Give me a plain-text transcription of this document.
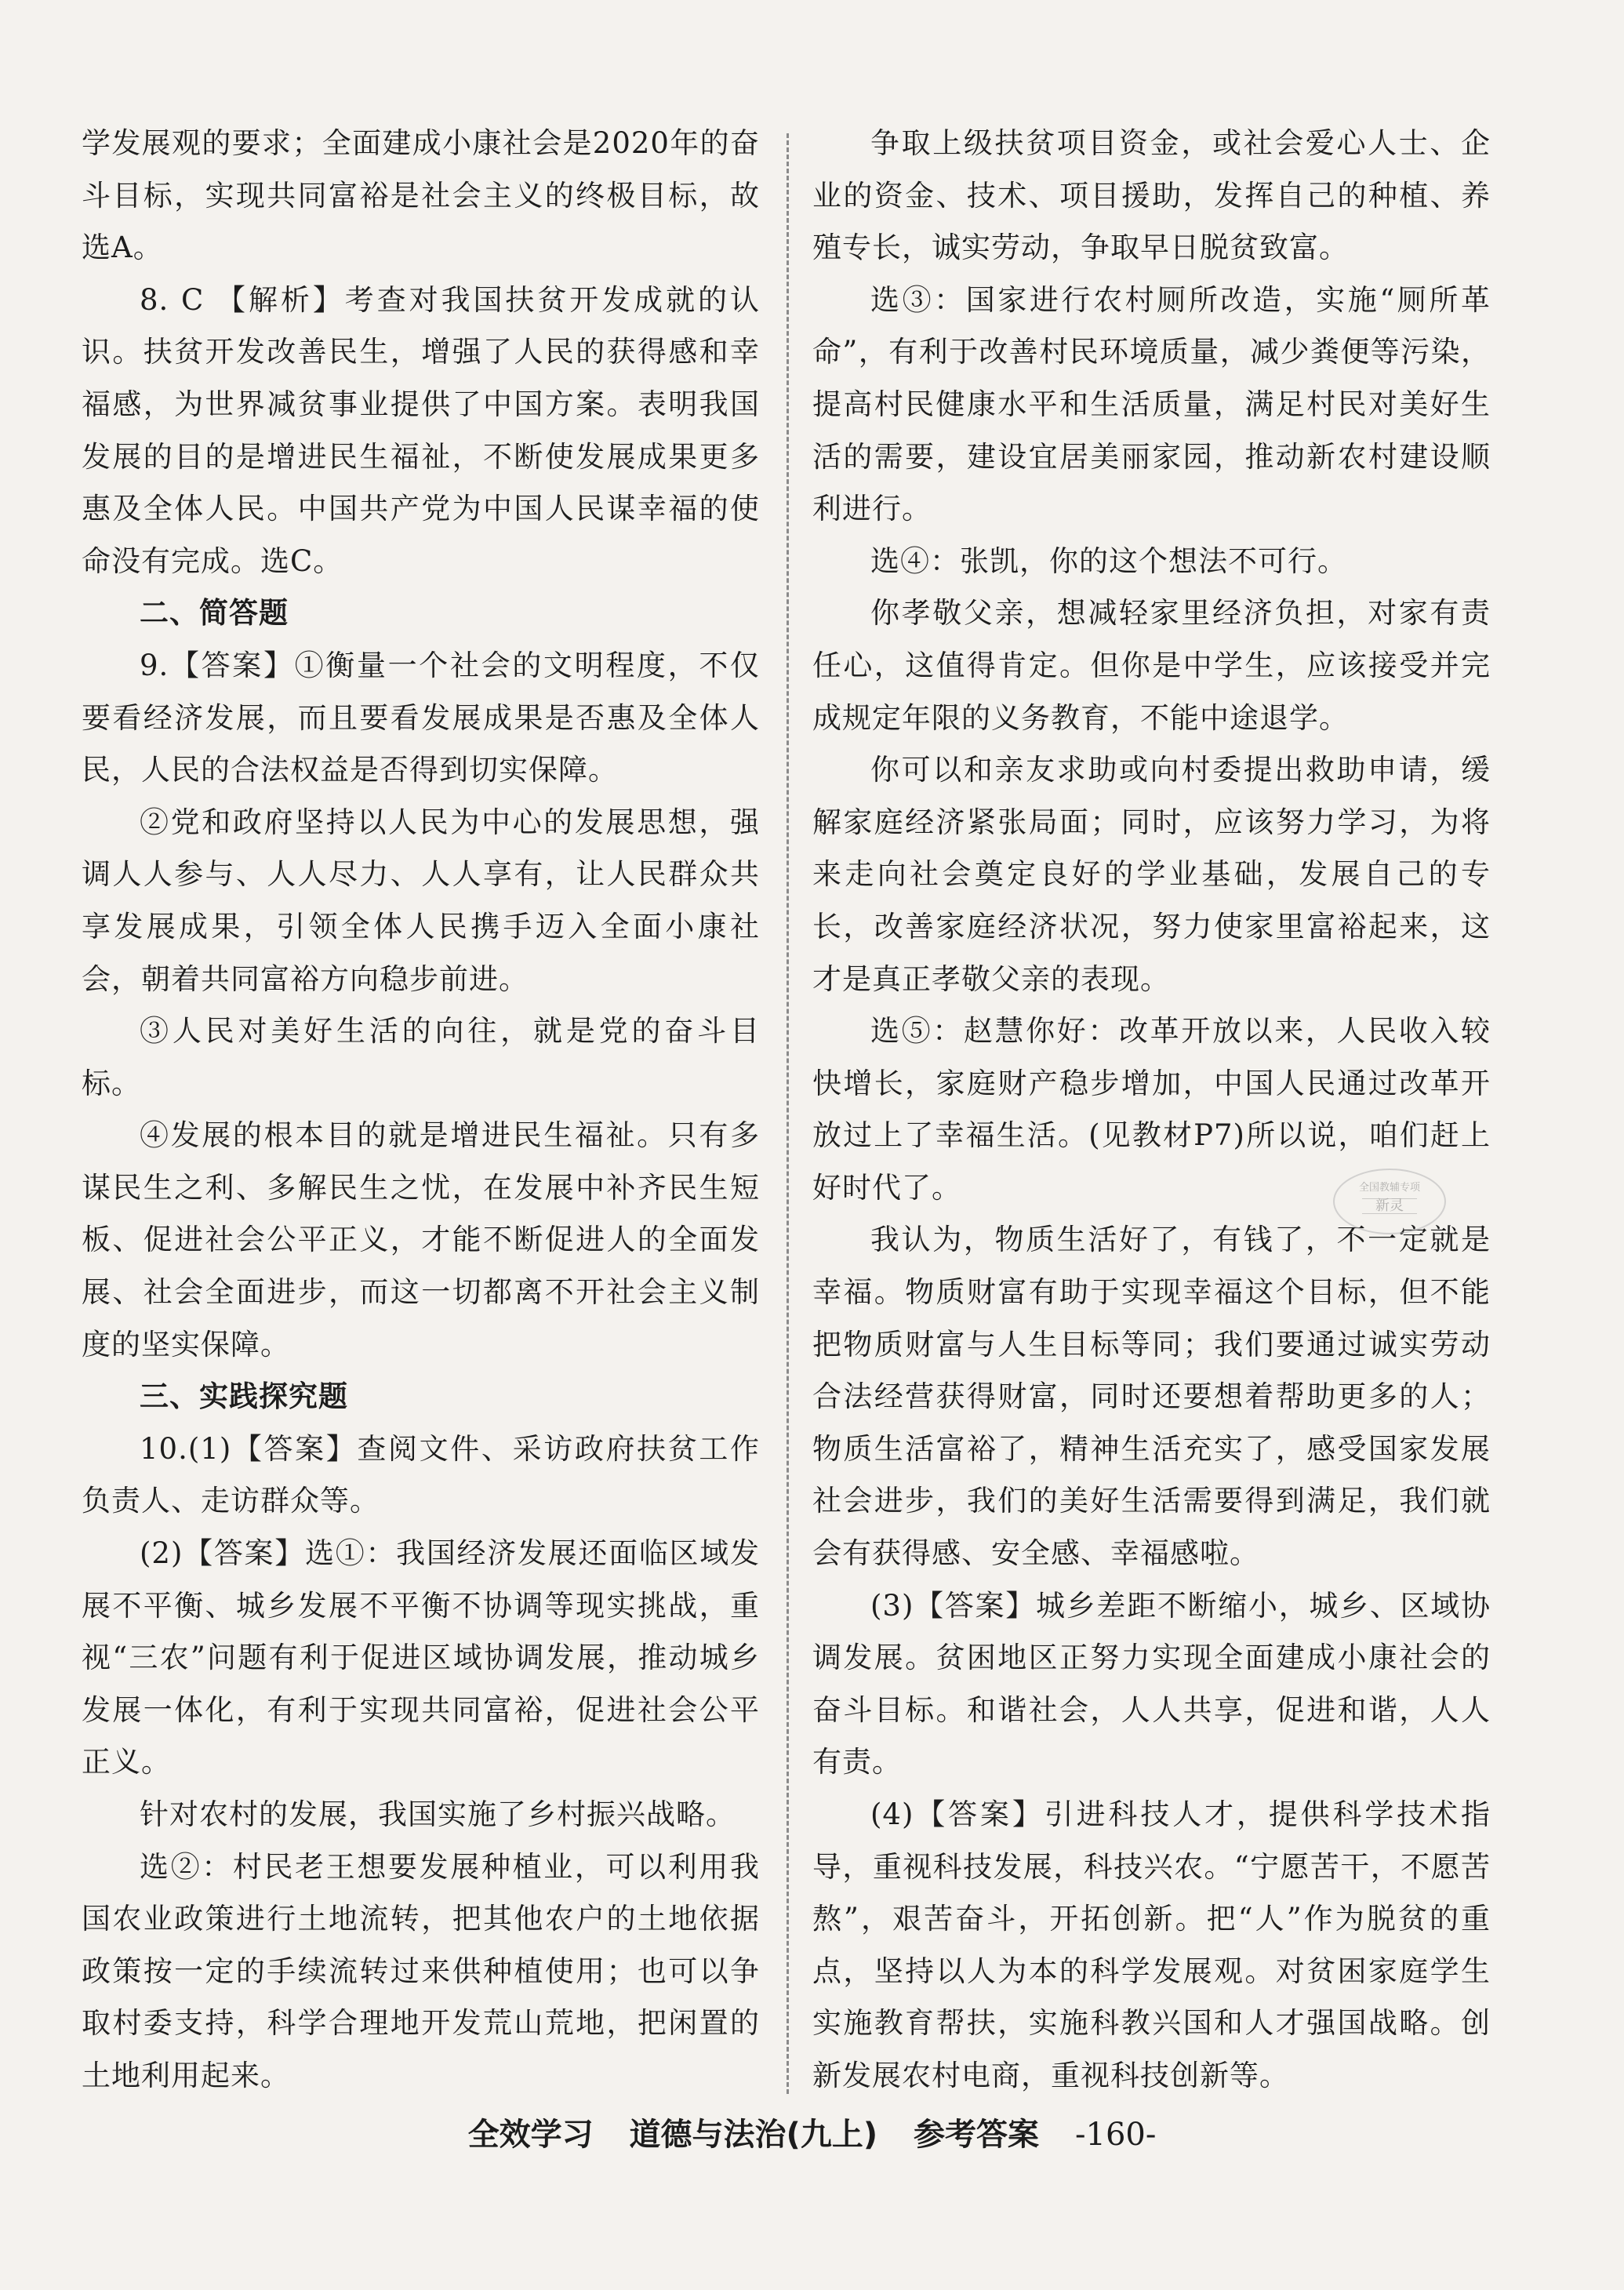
学发展观的要求；全面建成小康社会是2020年的奋斗目标，实现共同富裕是社会主义的终极目标，故选A。

8. C 【解析】考查对我国扶贫开发成就的认识。扶贫开发改善民生，增强了人民的获得感和幸福感，为世界减贫事业提供了中国方案。表明我国发展的目的是增进民生福祉，不断使发展成果更多惠及全体人民。中国共产党为中国人民谋幸福的使命没有完成。选C。

二、简答题

9.【答案】①衡量一个社会的文明程度，不仅要看经济发展，而且要看发展成果是否惠及全体人民，人民的合法权益是否得到切实保障。

②党和政府坚持以人民为中心的发展思想，强调人人参与、人人尽力、人人享有，让人民群众共享发展成果，引领全体人民携手迈入全面小康社会，朝着共同富裕方向稳步前进。

③人民对美好生活的向往，就是党的奋斗目标。

④发展的根本目的就是增进民生福祉。只有多谋民生之利、多解民生之忧，在发展中补齐民生短板、促进社会公平正义，才能不断促进人的全面发展、社会全面进步，而这一切都离不开社会主义制度的坚实保障。

三、实践探究题

10.(1)【答案】查阅文件、采访政府扶贫工作负责人、走访群众等。

(2)【答案】选①：我国经济发展还面临区域发展不平衡、城乡发展不平衡不协调等现实挑战，重视“三农”问题有利于促进区域协调发展，推动城乡发展一体化，有利于实现共同富裕，促进社会公平正义。

针对农村的发展，我国实施了乡村振兴战略。

选②：村民老王想要发展种植业，可以利用我国农业政策进行土地流转，把其他农户的土地依据政策按一定的手续流转过来供种植使用；也可以争取村委支持，科学合理地开发荒山荒地，把闲置的土地利用起来。

争取上级扶贫项目资金，或社会爱心人士、企业的资金、技术、项目援助，发挥自己的种植、养殖专长，诚实劳动，争取早日脱贫致富。

选③：国家进行农村厕所改造，实施“厕所革命”，有利于改善村民环境质量，减少粪便等污染，提高村民健康水平和生活质量，满足村民对美好生活的需要，建设宜居美丽家园，推动新农村建设顺利进行。

选④：张凯，你的这个想法不可行。

你孝敬父亲，想减轻家里经济负担，对家有责任心，这值得肯定。但你是中学生，应该接受并完成规定年限的义务教育，不能中途退学。

你可以和亲友求助或向村委提出救助申请，缓解家庭经济紧张局面；同时，应该努力学习，为将来走向社会奠定良好的学业基础，发展自己的专长，改善家庭经济状况，努力使家里富裕起来，这才是真正孝敬父亲的表现。

选⑤：赵慧你好：改革开放以来，人民收入较快增长，家庭财产稳步增加，中国人民通过改革开放过上了幸福生活。(见教材P7)所以说，咱们赶上好时代了。

我认为，物质生活好了，有钱了，不一定就是幸福。物质财富有助于实现幸福这个目标，但不能把物质财富与人生目标等同；我们要通过诚实劳动合法经营获得财富，同时还要想着帮助更多的人；物质生活富裕了，精神生活充实了，感受国家发展社会进步，我们的美好生活需要得到满足，我们就会有获得感、安全感、幸福感啦。

(3)【答案】城乡差距不断缩小，城乡、区域协调发展。贫困地区正努力实现全面建成小康社会的奋斗目标。和谐社会，人人共享，促进和谐，人人有责。

(4)【答案】引进科技人才，提供科学技术指导，重视科技发展，科技兴农。“宁愿苦干，不愿苦熬”，艰苦奋斗，开拓创新。把“人”作为脱贫的重点，坚持以人为本的科学发展观。对贫困家庭学生实施教育帮扶，实施科教兴国和人才强国战略。创新发展农村电商，重视科技创新等。

全国教辅专项
新灵
全效学习 道德与法治(九上) 参考答案 -160-
